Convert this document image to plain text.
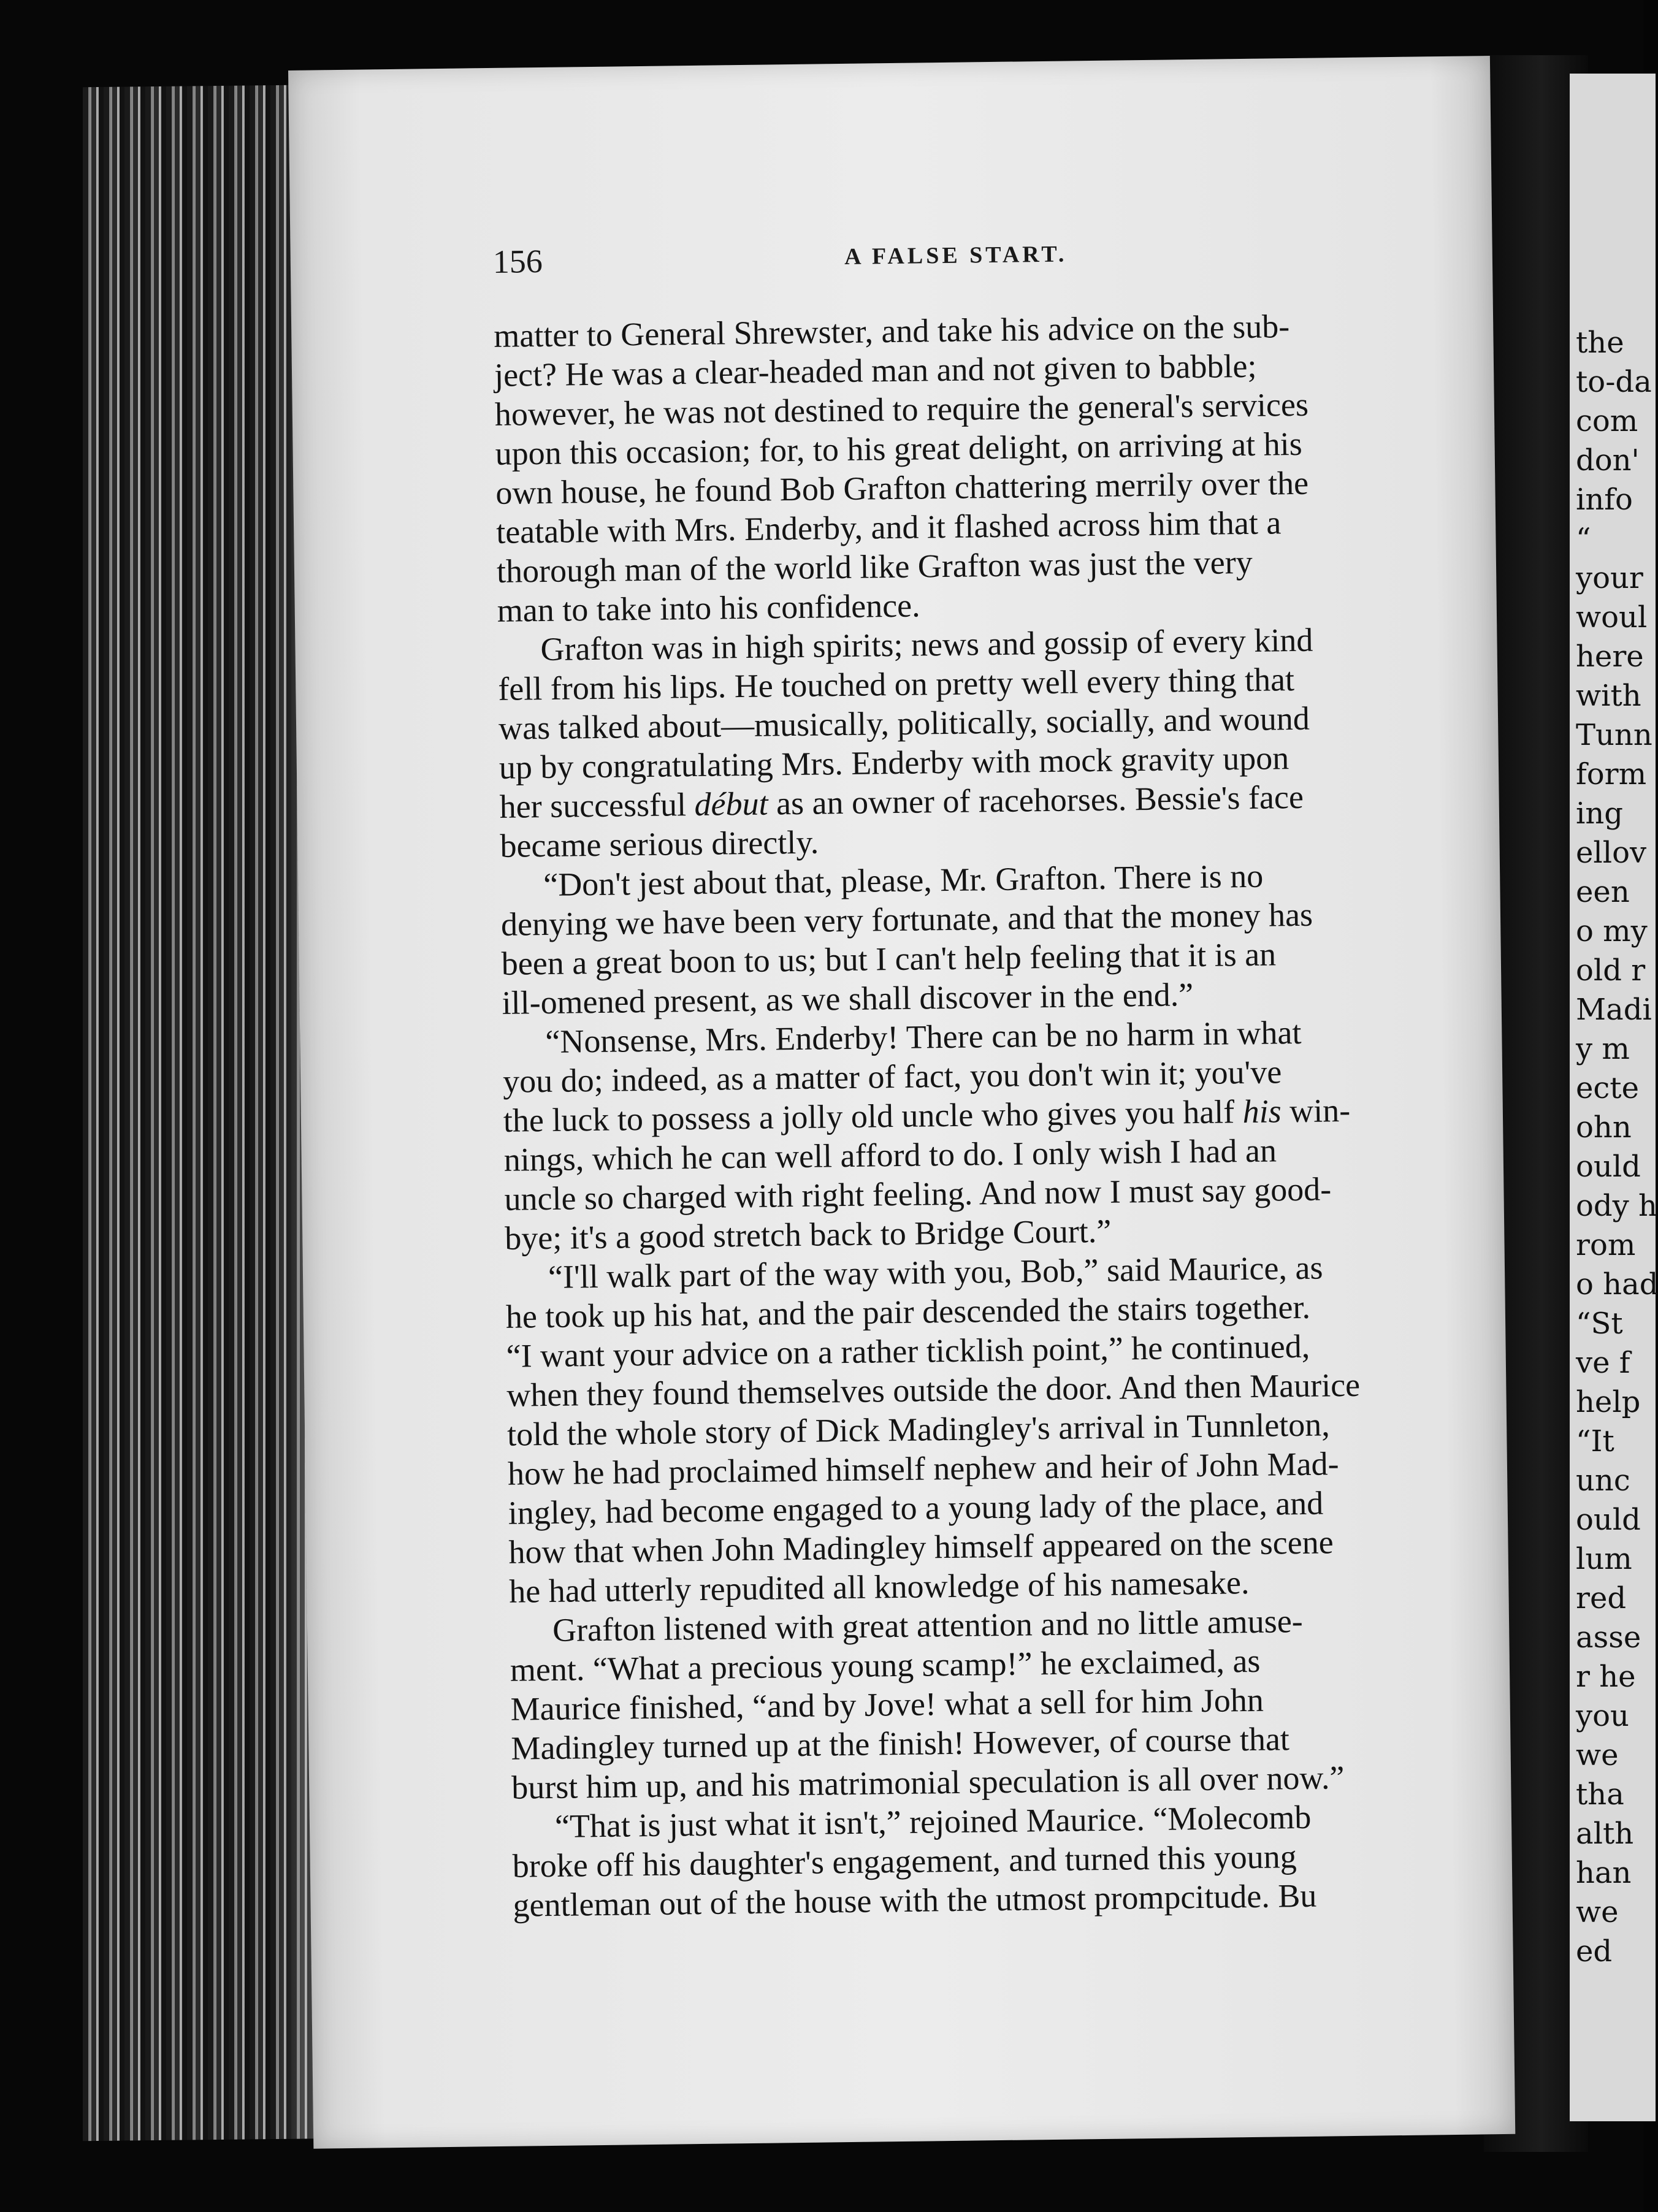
the
to-da
com
don'
info
“
your
woul
here
with
Tunn
form
ing
ellov
een
o my
old r
Madi
y m
ecte
ohn
ould
ody h
rom
o had
“St
ve f
help
“It
unc
ould
lum
red
asse
r he
you
we
tha
alth
han
we
ed
156	A FALSE START.
matter to General Shrewster, and take his advice on the sub-
ject? He was a clear-headed man and not given to babble;
however, he was not destined to require the general's services
upon this occasion; for, to his great delight, on arriving at his
own house, he found Bob Grafton chattering merrily over the
teatable with Mrs. Enderby, and it flashed across him that a
thorough man of the world like Grafton was just the very
man to take into his confidence.
Grafton was in high spirits; news and gossip of every kind
fell from his lips. He touched on pretty well every thing that
was talked about—musically, politically, socially, and wound
up by congratulating Mrs. Enderby with mock gravity upon
her successful début as an owner of racehorses. Bessie's face
became serious directly.
“Don't jest about that, please, Mr. Grafton. There is no
denying we have been very fortunate, and that the money has
been a great boon to us; but I can't help feeling that it is an
ill-omened present, as we shall discover in the end.”
“Nonsense, Mrs. Enderby! There can be no harm in what
you do; indeed, as a matter of fact, you don't win it; you've
the luck to possess a jolly old uncle who gives you half his win-
nings, which he can well afford to do. I only wish I had an
uncle so charged with right feeling. And now I must say good-
bye; it's a good stretch back to Bridge Court.”
“I'll walk part of the way with you, Bob,” said Maurice, as
he took up his hat, and the pair descended the stairs together.
“I want your advice on a rather ticklish point,” he continued,
when they found themselves outside the door. And then Maurice
told the whole story of Dick Madingley's arrival in Tunnleton,
how he had proclaimed himself nephew and heir of John Mad-
ingley, had become engaged to a young lady of the place, and
how that when John Madingley himself appeared on the scene
he had utterly repudited all knowledge of his namesake.
Grafton listened with great attention and no little amuse-
ment. “What a precious young scamp!” he exclaimed, as
Maurice finished, “and by Jove! what a sell for him John
Madingley turned up at the finish! However, of course that
burst him up, and his matrimonial speculation is all over now.”
“That is just what it isn't,” rejoined Maurice. “Molecomb
broke off his daughter's engagement, and turned this young
gentleman out of the house with the utmost prompcitude. Bu
